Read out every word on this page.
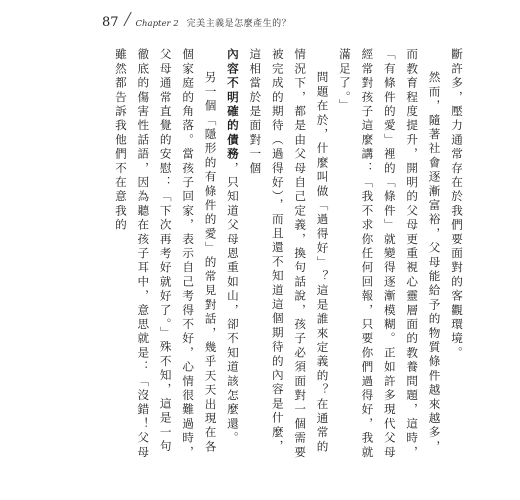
87 Chapter 2 完美主義是怎麼產生的？

斷許多，壓力通常存在於我們要面對的客觀環境。

然而，隨著社會逐漸富裕，父母能給予的物質條件越來越多，而教育程度提升，開明的父母更重視心靈層面的教養問題，這時，「有條件的愛」裡的「條件」就變得逐漸模糊。正如許多現代父母經常對孩子這麼講：「我不求你任何回報，只要你們過得好，我就滿足了。」

問題在於，什麼叫做「過得好」？這是誰來定義的？在通常的情況下，都是由父母自己定義，換句話說，孩子必須面對一個需要被完成的期待（過得好），而且還不知道這個期待的內容是什麼，這相當於是面對一個

內容不明確的債務，只知道父母恩重如山，卻不知道該怎麼還。

另一個「隱形的有條件的愛」的常見對話，幾乎天天出現在各個家庭的角落。當孩子回家，表示自己考得不好，心情很難過時，父母通常直覺的安慰：「下次再考好就好了。」殊不知，這是一句徹底的傷害性話語，因為聽在孩子耳中，意思就是：「沒錯！父母雖然都告訴我他們不在意我的
